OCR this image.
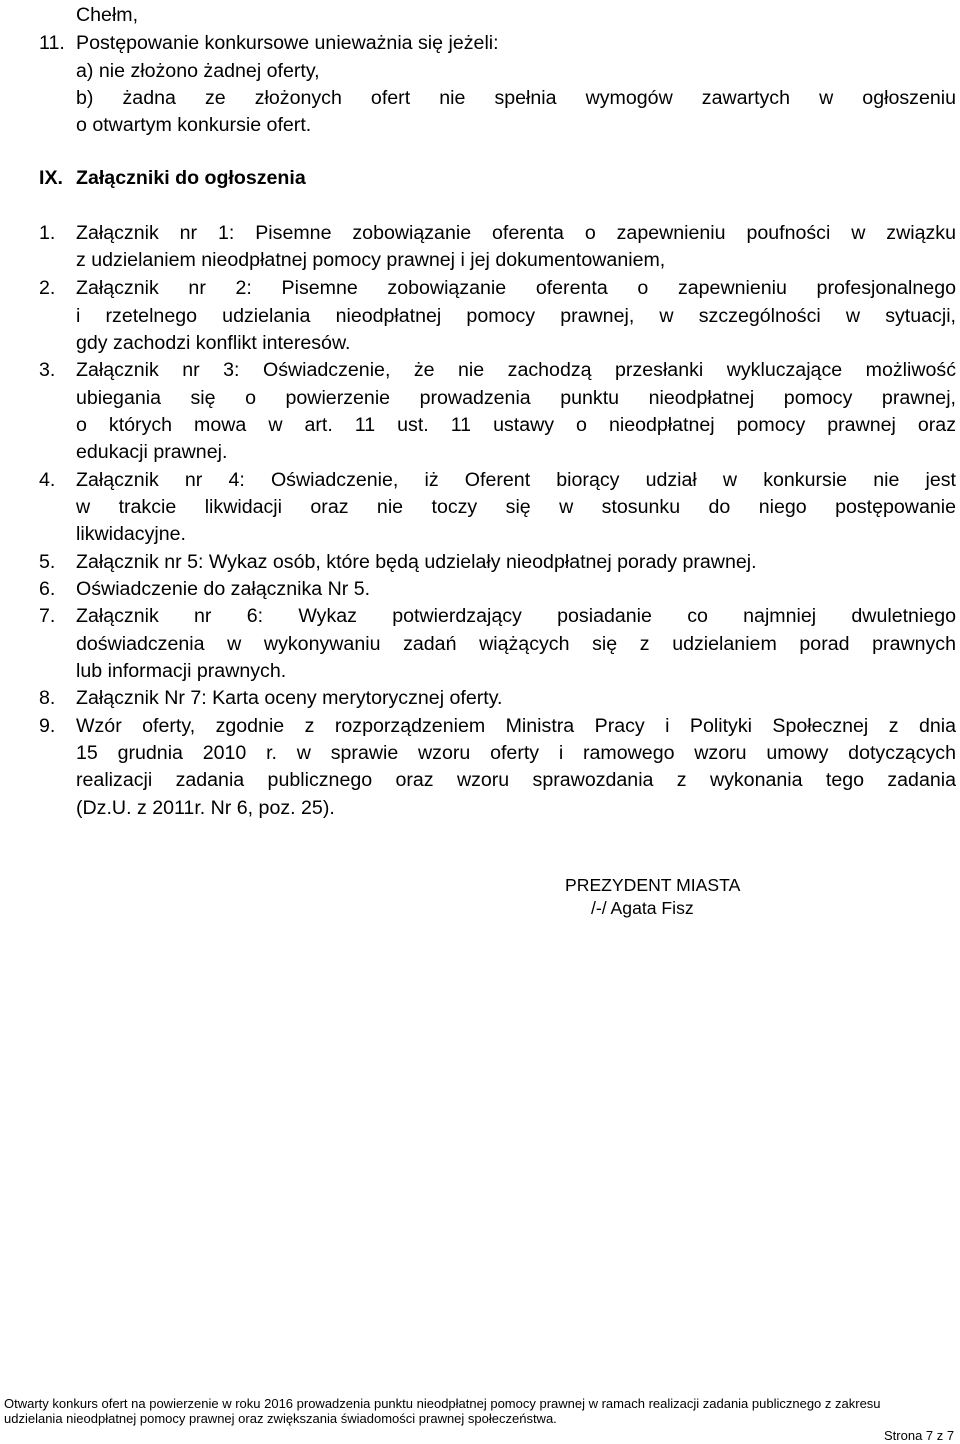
Chełm,
11. Postępowanie konkursowe unieważnia się jeżeli:
a) nie złożono żadnej oferty,
b) żadna ze złożonych ofert nie spełnia wymogów zawartych w ogłoszeniu
o otwartym konkursie ofert.
IX. Załączniki do ogłoszenia
1. Załącznik nr 1: Pisemne zobowiązanie oferenta o zapewnieniu poufności w związku
z udzielaniem nieodpłatnej pomocy prawnej i jej dokumentowaniem,
2. Załącznik nr 2: Pisemne zobowiązanie oferenta o zapewnieniu profesjonalnego
i rzetelnego udzielania nieodpłatnej pomocy prawnej, w szczególności w sytuacji,
gdy zachodzi konflikt interesów.
3. Załącznik nr 3: Oświadczenie, że nie zachodzą przesłanki wykluczające możliwość
ubiegania się o powierzenie prowadzenia punktu nieodpłatnej pomocy prawnej,
o których mowa w art. 11 ust. 11 ustawy o nieodpłatnej pomocy prawnej oraz
edukacji prawnej.
4. Załącznik nr 4: Oświadczenie, iż Oferent biorący udział w konkursie nie jest
w trakcie likwidacji oraz nie toczy się w stosunku do niego postępowanie
likwidacyjne.
5. Załącznik nr 5: Wykaz osób, które będą udzielały nieodpłatnej porady prawnej.
6. Oświadczenie do załącznika Nr 5.
7. Załącznik nr 6: Wykaz potwierdzający posiadanie co najmniej dwuletniego
doświadczenia w wykonywaniu zadań wiążących się z udzielaniem porad prawnych
lub informacji prawnych.
8. Załącznik Nr 7: Karta oceny merytorycznej oferty.
9. Wzór oferty, zgodnie z rozporządzeniem Ministra Pracy i Polityki Społecznej z dnia
15 grudnia 2010 r. w sprawie wzoru oferty i ramowego wzoru umowy dotyczących
realizacji zadania publicznego oraz wzoru sprawozdania z wykonania tego zadania
(Dz.U. z 2011r. Nr 6, poz. 25).
PREZYDENT MIASTA
/-/ Agata Fisz
Otwarty konkurs ofert na powierzenie w roku 2016 prowadzenia punktu nieodpłatnej pomocy prawnej w ramach realizacji zadania publicznego z zakresu
udzielania nieodpłatnej pomocy prawnej oraz zwiększania świadomości prawnej społeczeństwa.
Strona 7 z 7
